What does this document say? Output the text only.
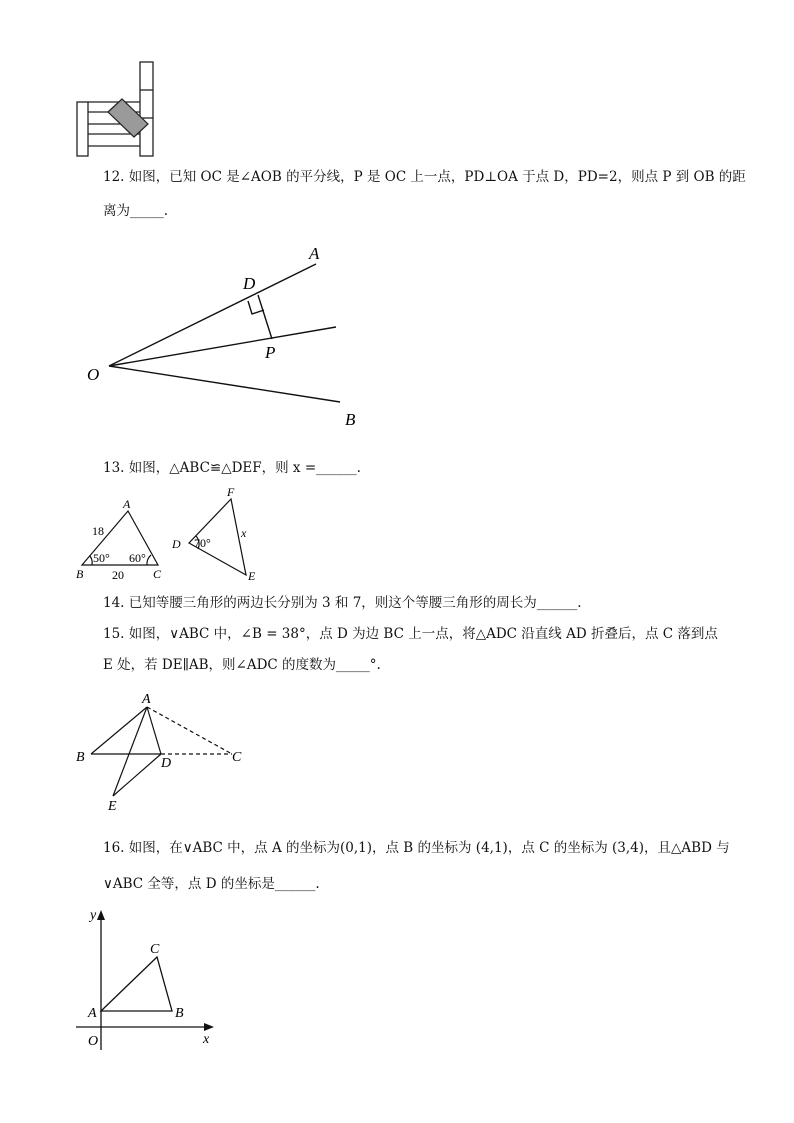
12. 如图，已知 OC 是∠AOB 的平分线，P 是 OC 上一点，PD⊥OA 于点 D，PD=2，则点 P 到 OB 的距
离为_____.
A
D
P
O
B
13. 如图，△ABC≌△DEF，则 x =______.
A
18
50° 60°
B 20 C
F
D 70°
x
E
14. 已知等腰三角形的两边长分别为 3 和 7，则这个等腰三角形的周长为______.
15. 如图，∨ABC 中，∠B = 38°，点 D 为边 BC 上一点，将△ADC 沿直线 AD 折叠后，点 C 落到点
E 处，若 DE∥AB，则∠ADC 的度数为_____°.
A
B	D	C
E
16. 如图，在∨ABC 中，点 A 的坐标为(0,1)，点 B 的坐标为 (4,1)，点 C 的坐标为 (3,4)，且△ABD 与
∨ABC 全等，点 D 的坐标是______.
y
C
A	B
O	x
